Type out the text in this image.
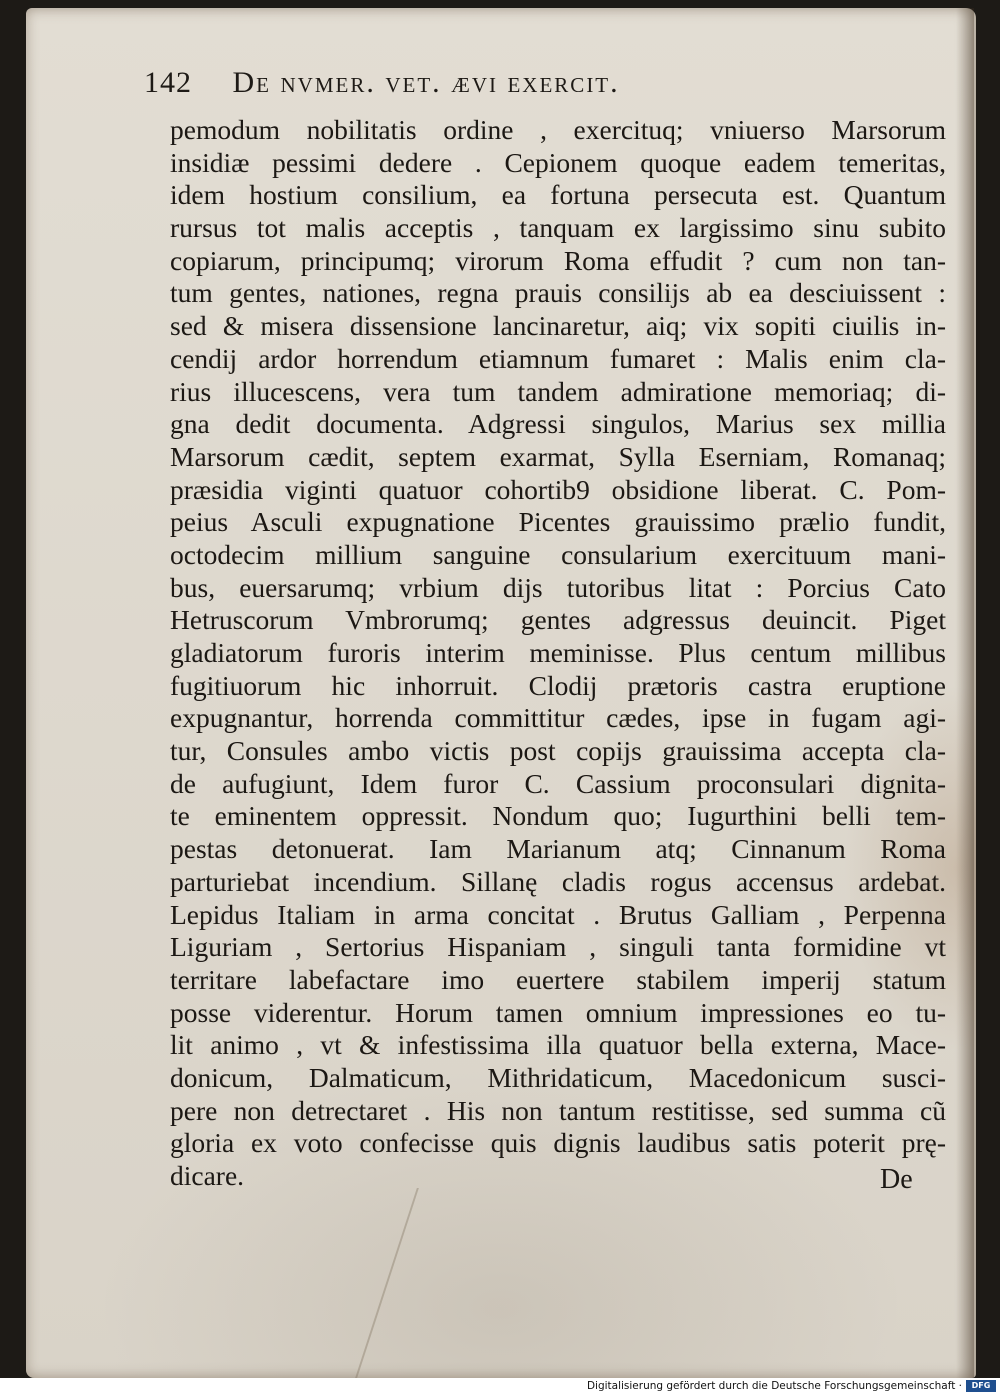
142 De nvmer. vet. ævi exercit.
pemodum nobilitatis ordine , exercituq; vniuerso Marsorum
insidiæ pessimi dedere . Cepionem quoque eadem temeritas,
idem hostium consilium, ea fortuna persecuta est. Quantum
rursus tot malis acceptis , tanquam ex largissimo sinu subito
copiarum, principumq; virorum Roma effudit ? cum non tan-
tum gentes, nationes, regna prauis consilijs ab ea desciuissent :
sed & misera dissensione lancinaretur, aiq; vix sopiti ciuilis in-
cendij ardor horrendum etiamnum fumaret : Malis enim cla-
rius illucescens, vera tum tandem admiratione memoriaq; di-
gna dedit documenta. Adgressi singulos, Marius sex millia
Marsorum cædit, septem exarmat, Sylla Eserniam, Romanaq;
præsidia viginti quatuor cohortib9 obsidione liberat. C. Pom-
peius Asculi expugnatione Picentes grauissimo prælio fundit,
octodecim millium sanguine consularium exercituum mani-
bus, euersarumq; vrbium dijs tutoribus litat : Porcius Cato
Hetruscorum Vmbrorumq; gentes adgressus deuincit. Piget
gladiatorum furoris interim meminisse. Plus centum millibus
fugitiuorum hic inhorruit. Clodij prætoris castra eruptione
expugnantur, horrenda committitur cædes, ipse in fugam agi-
tur, Consules ambo victis post copijs grauissima accepta cla-
de aufugiunt, Idem furor C. Cassium proconsulari dignita-
te eminentem oppressit. Nondum quo; Iugurthini belli tem-
pestas detonuerat. Iam Marianum atq; Cinnanum Roma
parturiebat incendium. Sillanę cladis rogus accensus ardebat.
Lepidus Italiam in arma concitat . Brutus Galliam , Perpenna
Liguriam , Sertorius Hispaniam , singuli tanta formidine vt
territare labefactare imo euertere stabilem imperij statum
posse viderentur. Horum tamen omnium impressiones eo tu-
lit animo , vt & infestissima illa quatuor bella externa, Mace-
donicum, Dalmaticum, Mithridaticum, Macedonicum susci-
pere non detrectaret . His non tantum restitisse, sed summa cũ
gloria ex voto confecisse quis dignis laudibus satis poterit prę-
dicare.	De
Digitalisierung gefördert durch die Deutsche Forschungsgemeinschaft ·	DFG
